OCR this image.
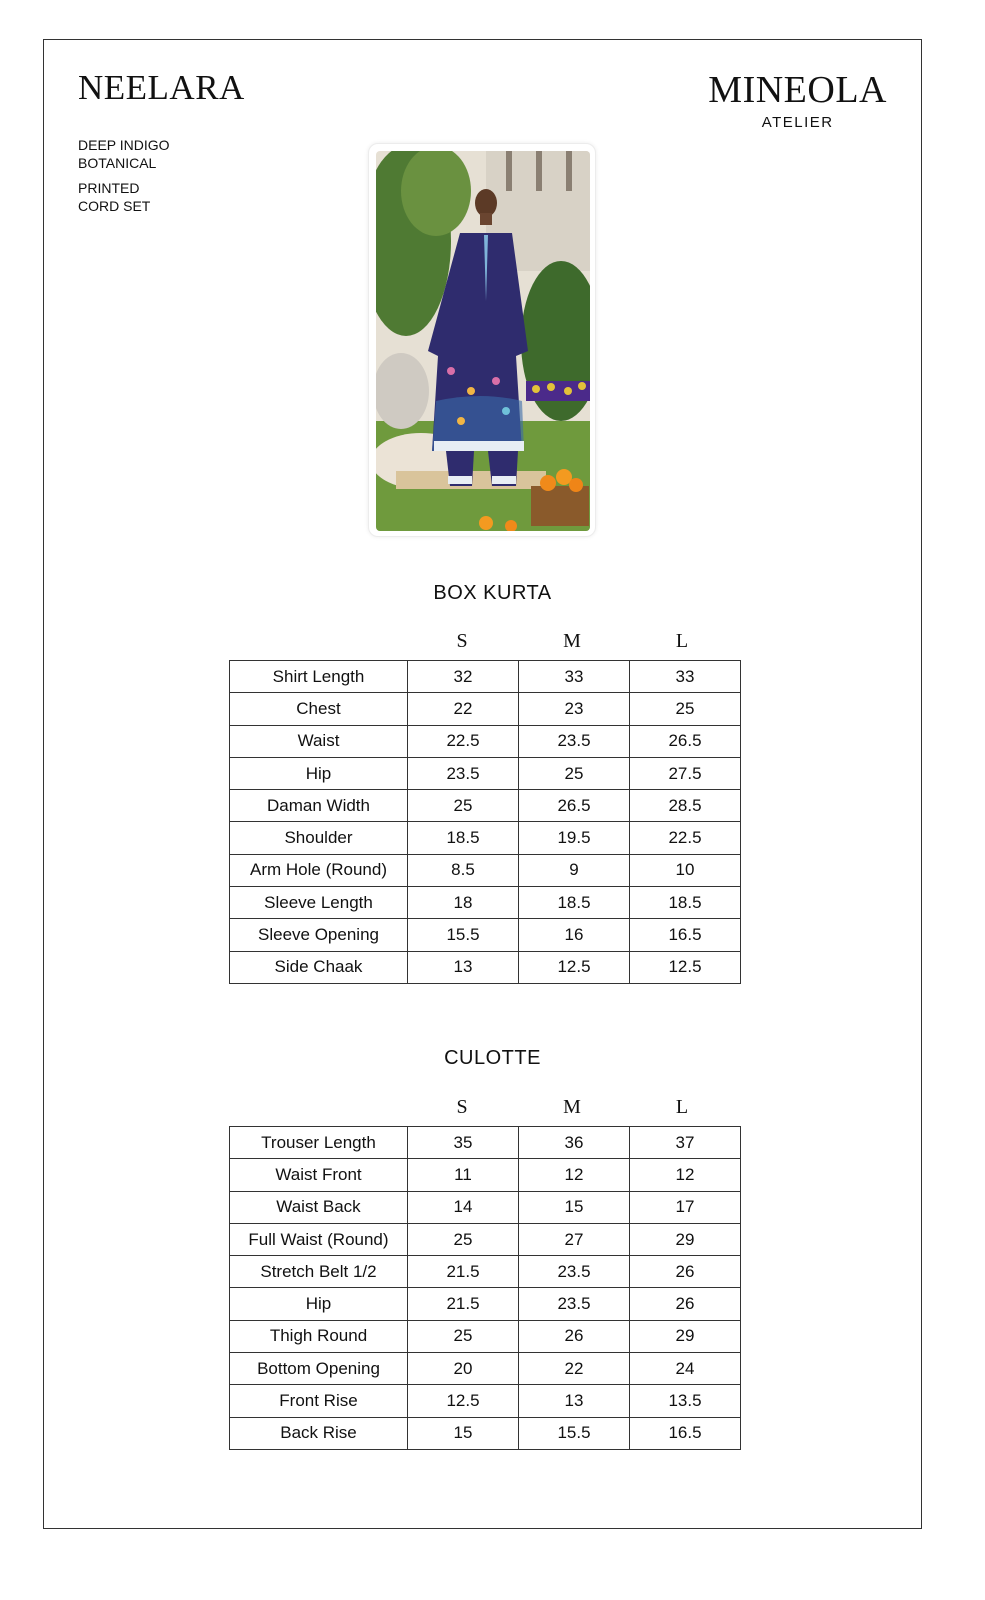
NEELARA
DEEP INDIGO
BOTANICAL
PRINTED
CORD SET
MINEOLA
ATELIER
BOX KURTA
S	M	L
Shirt Length	32	33	33
Chest	22	23	25
Waist	22.5	23.5	26.5
Hip	23.5	25	27.5
Daman Width	25	26.5	28.5
Shoulder	18.5	19.5	22.5
Arm Hole (Round)	8.5	9	10
Sleeve Length	18	18.5	18.5
Sleeve Opening	15.5	16	16.5
Side Chaak	13	12.5	12.5
CULOTTE
S	M	L
Trouser Length	35	36	37
Waist Front	11	12	12
Waist Back	14	15	17
Full Waist (Round)	25	27	29
Stretch Belt 1/2	21.5	23.5	26
Hip	21.5	23.5	26
Thigh Round	25	26	29
Bottom Opening	20	22	24
Front Rise	12.5	13	13.5
Back Rise	15	15.5	16.5
